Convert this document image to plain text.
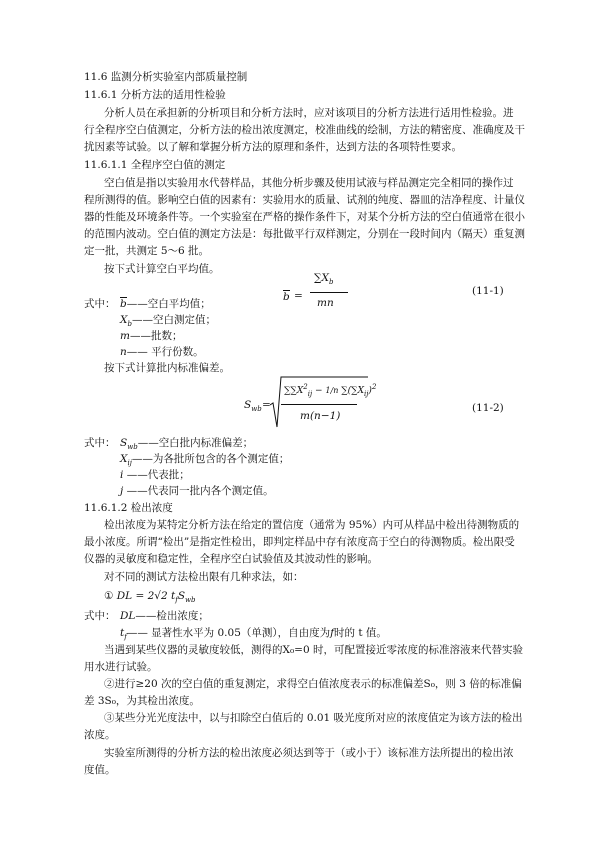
11.6 监测分析实验室内部质量控制
11.6.1 分析方法的适用性检验
分析人员在承担新的分析项目和分析方法时，应对该项目的分析方法进行适用性检验。进
行全程序空白值测定，分析方法的检出浓度测定，校准曲线的绘制，方法的精密度、准确度及干
扰因素等试验。以了解和掌握分析方法的原理和条件，达到方法的各项特性要求。
11.6.1.1 全程序空白值的测定
空白值是指以实验用水代替样品，其他分析步骤及使用试液与样品测定完全相同的操作过
程所测得的值。影响空白值的因素有：实验用水的质量、试剂的纯度、器皿的洁净程度、计量仪
器的性能及环境条件等。一个实验室在严格的操作条件下，对某个分析方法的空白值通常在很小
的范围内波动。空白值的测定方法是：每批做平行双样测定，分别在一段时间内（隔天）重复测
定一批，共测定 5～6 批。
按下式计算空白平均值。
b =
$\sum X_b$
mn
(11-1)
式中： b——空白平均值；
$X_b——$空白测定值；
m——批数；
n—— 平行份数。
按下式计算批内标准偏差。
$S_{wb}$ =
$\sum\sum X^2_{ij} - 1/n$ $\sum(\sum X_{ij})^2$
m(n−1)
(11-2)
式中： $S_{wb}——$空白批内标准偏差；
$X_{ij}——$为各批所包含的各个测定值；
i ——代表批；
j ——代表同一批内各个测定值。
11.6.1.2 检出浓度
检出浓度为某特定分析方法在给定的置信度（通常为 95%）内可从样品中检出待测物质的
最小浓度。所谓“检出”是指定性检出，即判定样品中存有浓度高于空白的待测物质。检出限受
仪器的灵敏度和稳定性，全程序空白试验值及其波动性的影响。
对不同的测试方法检出限有几种求法，如：
① DL = 2√2 $t_fS_{wb}$
式中： DL——检出浓度；
$t_f——$ 显著性水平为 0.05（单测），自由度为f时的 t 值。
当遇到某些仪器的灵敏度较低，测得的X₀=0 时，可配置接近零浓度的标准溶液来代替实验
用水进行试验。
②进行≥20 次的空白值的重复测定，求得空白值浓度表示的标准偏差S₀，则 3 倍的标准偏
差 3S₀，为其检出浓度。
③某些分光光度法中，以与扣除空白值后的 0.01 吸光度所对应的浓度值定为该方法的检出
浓度。
实验室所测得的分析方法的检出浓度必须达到等于（或小于）该标准方法所提出的检出浓
度值。
